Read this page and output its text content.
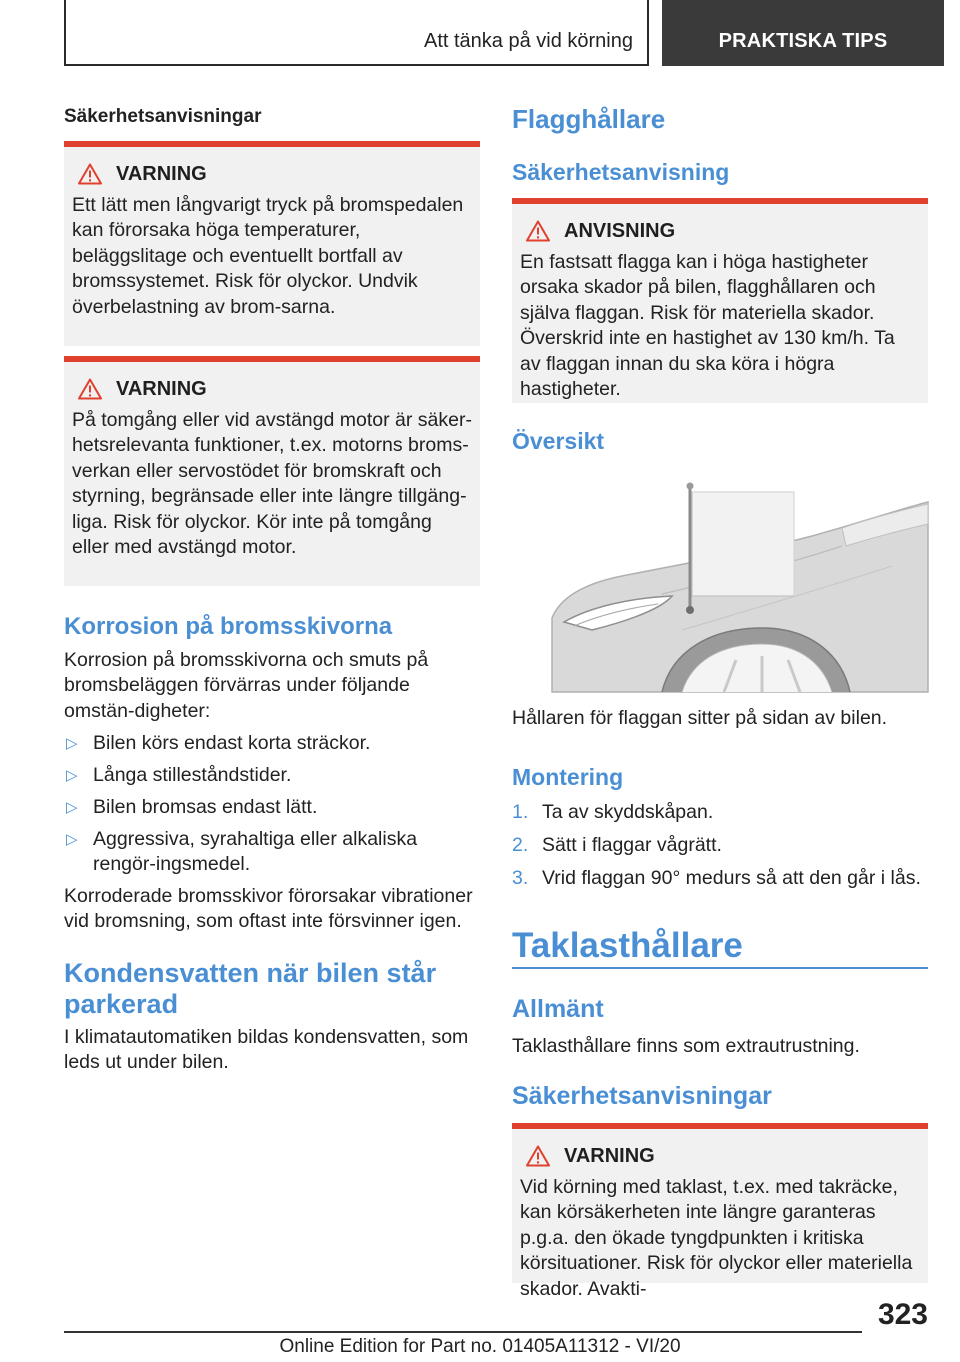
Att tänka på vid körning	PRAKTISKA TIPS
Säkerhetsanvisningar
VARNING
Ett lätt men långvarigt tryck på bromspedalen kan förorsaka höga temperaturer, beläggslitage och eventuellt bortfall av bromssystemet. Risk för olyckor. Undvik överbelastning av brom-sarna.
VARNING
På tomgång eller vid avstängd motor är säker-hetsrelevanta funktioner, t.ex. motorns broms-verkan eller servostödet för bromskraft och styrning, begränsade eller inte längre tillgäng-liga. Risk för olyckor. Kör inte på tomgång eller med avstängd motor.
Korrosion på bromsskivorna
Korrosion på bromsskivorna och smuts på bromsbeläggen förvärras under följande omstän-digheter:
▷ Bilen körs endast korta sträckor.
▷ Långa stilleståndstider.
▷ Bilen bromsas endast lätt.
▷ Aggressiva, syrahaltiga eller alkaliska rengör-ingsmedel.
Korroderade bromsskivor förorsakar vibrationer vid bromsning, som oftast inte försvinner igen.
Kondensvatten när bilen står parkerad
I klimatautomatiken bildas kondensvatten, som leds ut under bilen.
Flagghållare
Säkerhetsanvisning
ANVISNING
En fastsatt flagga kan i höga hastigheter orsaka skador på bilen, flagghållaren och själva flaggan. Risk för materiella skador. Överskrid inte en hastighet av 130 km/h. Ta av flaggan innan du ska köra i högra hastigheter.
Översikt
Hållaren för flaggan sitter på sidan av bilen.
Montering
1. Ta av skyddskåpan.
2. Sätt i flaggar vågrätt.
3. Vrid flaggan 90° medurs så att den går i lås.
Taklasthållare
Allmänt
Taklasthållare finns som extrautrustning.
Säkerhetsanvisningar
VARNING
Vid körning med taklast, t.ex. med takräcke, kan körsäkerheten inte längre garanteras p.g.a. den ökade tyngdpunkten i kritiska körsituationer. Risk för olyckor eller materiella skador. Avakti-
323
Online Edition for Part no. 01405A11312 - VI/20
